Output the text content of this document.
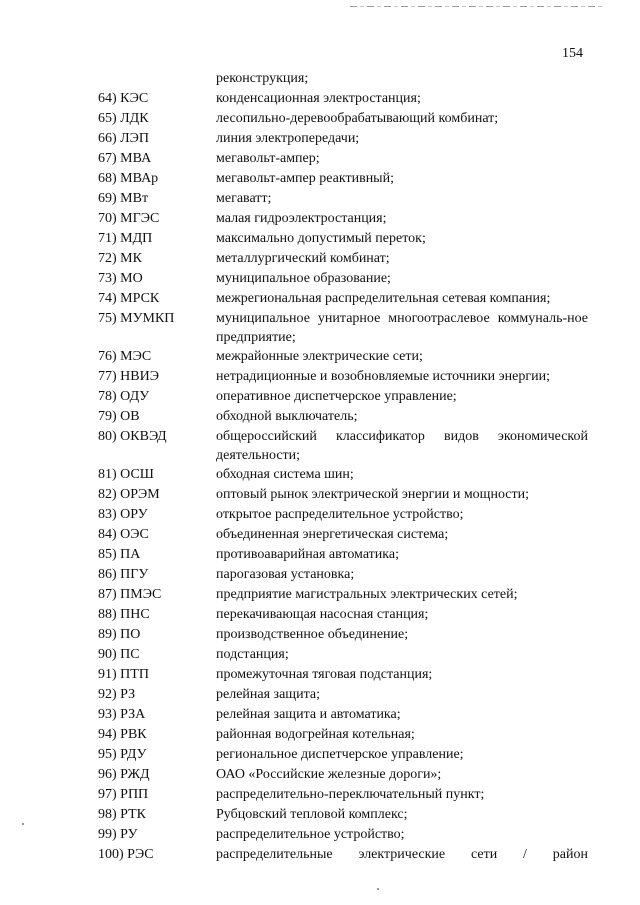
154
реконструкция;
64) КЭС	конденсационная электростанция;
65) ЛДК	лесопильно-деревообрабатывающий комбинат;
66) ЛЭП	линия электропередачи;
67) МВА	мегавольт-ампер;
68) МВАр	мегавольт-ампер реактивный;
69) МВт	мегаватт;
70) МГЭС	малая гидроэлектростанция;
71) МДП	максимально допустимый переток;
72) МК	металлургический комбинат;
73) МО	муниципальное образование;
74) МРСК	межрегиональная распределительная сетевая компания;
75) МУМКП	муниципальное унитарное многоотраслевое коммуналь-ное предприятие;
76) МЭС	межрайонные электрические сети;
77) НВИЭ	нетрадиционные и возобновляемые источники энергии;
78) ОДУ	оперативное диспетчерское управление;
79) ОВ	обходной выключатель;
80) ОКВЭД	общероссийский классификатор видов экономической деятельности;
81) ОСШ	обходная система шин;
82) ОРЭМ	оптовый рынок электрической энергии и мощности;
83) ОРУ	открытое распределительное устройство;
84) ОЭС	объединенная энергетическая система;
85) ПА	противоаварийная автоматика;
86) ПГУ	парогазовая установка;
87) ПМЭС	предприятие магистральных электрических сетей;
88) ПНС	перекачивающая насосная станция;
89) ПО	производственное объединение;
90) ПС	подстанция;
91) ПТП	промежуточная тяговая подстанция;
92) РЗ	релейная защита;
93) РЗА	релейная защита и автоматика;
94) РВК	районная водогрейная котельная;
95) РДУ	региональное диспетчерское управление;
96) РЖД	ОАО «Российские железные дороги»;
97) РПП	распределительно-переключательный пункт;
98) РТК	Рубцовский тепловой комплекс;
99) РУ	распределительное устройство;
100) РЭС	распределительные электрические сети / район
